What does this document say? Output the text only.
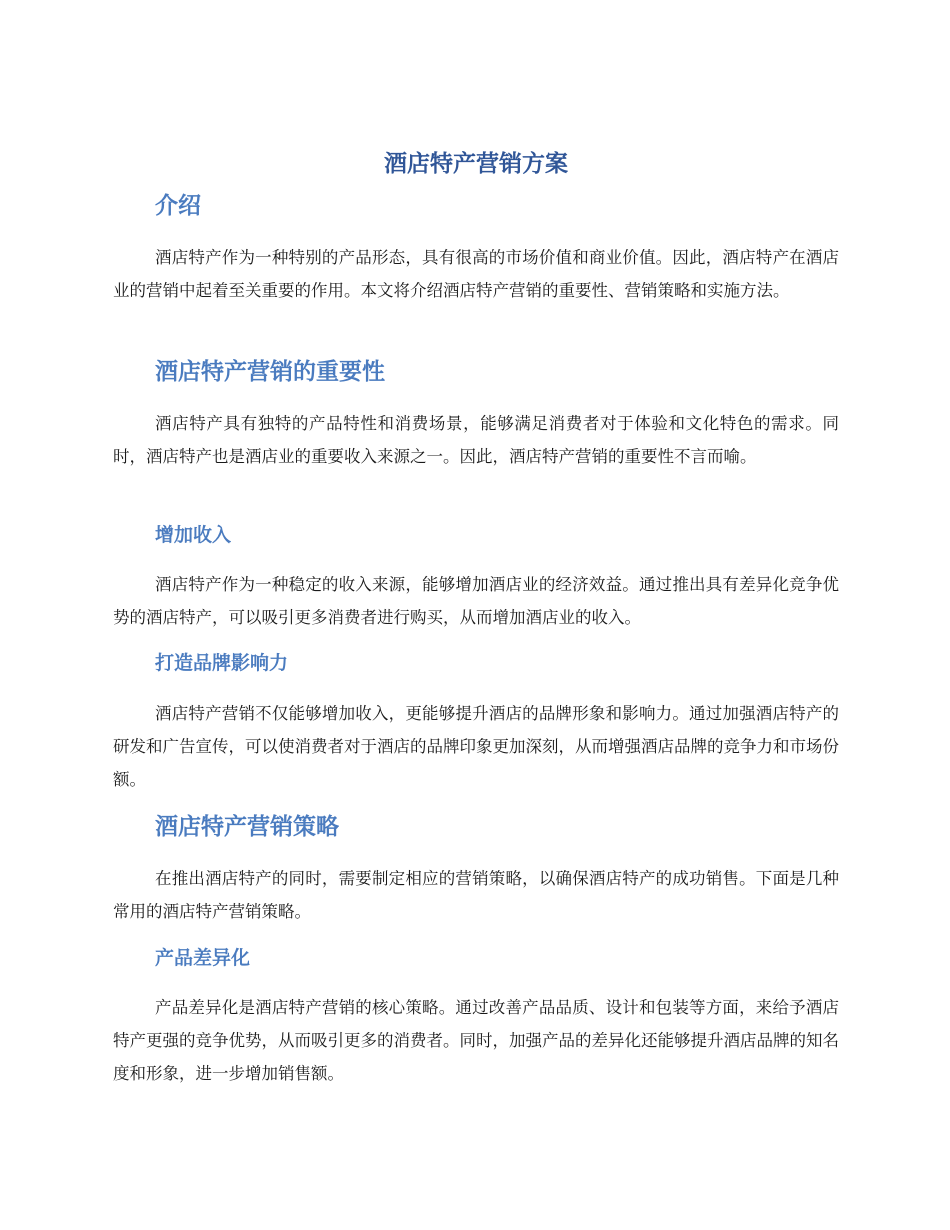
酒店特产营销方案
介绍

酒店特产作为一种特别的产品形态，具有很高的市场价值和商业价值。因此，酒店特产在酒店业的营销中起着至关重要的作用。本文将介绍酒店特产营销的重要性、营销策略和实施方法。

酒店特产营销的重要性

酒店特产具有独特的产品特性和消费场景，能够满足消费者对于体验和文化特色的需求。同时，酒店特产也是酒店业的重要收入来源之一。因此，酒店特产营销的重要性不言而喻。

增加收入

酒店特产作为一种稳定的收入来源，能够增加酒店业的经济效益。通过推出具有差异化竞争优势的酒店特产，可以吸引更多消费者进行购买，从而增加酒店业的收入。

打造品牌影响力

酒店特产营销不仅能够增加收入，更能够提升酒店的品牌形象和影响力。通过加强酒店特产的研发和广告宣传，可以使消费者对于酒店的品牌印象更加深刻，从而增强酒店品牌的竞争力和市场份额。

酒店特产营销策略

在推出酒店特产的同时，需要制定相应的营销策略，以确保酒店特产的成功销售。下面是几种常用的酒店特产营销策略。

产品差异化

产品差异化是酒店特产营销的核心策略。通过改善产品品质、设计和包装等方面，来给予酒店特产更强的竞争优势，从而吸引更多的消费者。同时，加强产品的差异化还能够提升酒店品牌的知名度和形象，进一步增加销售额。
